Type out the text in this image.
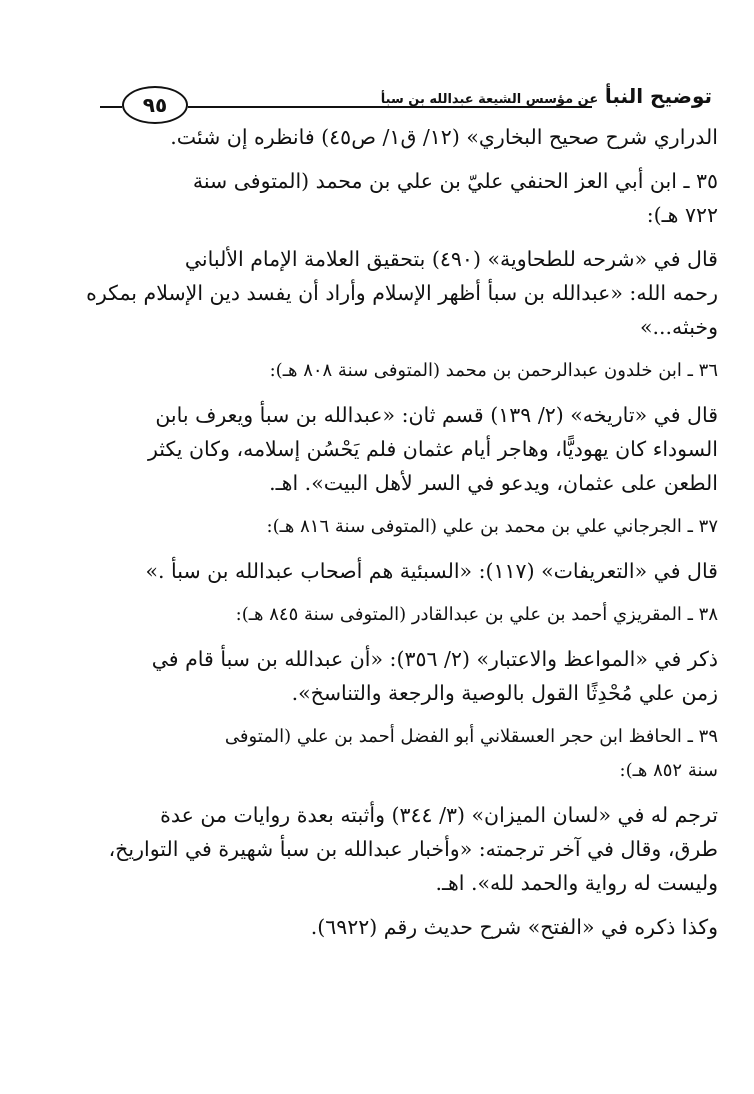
توضيح النبأ عن مؤسس الشيعة عبدالله بن سبأ
٩٥
الدراري شرح صحيح البخاري» (١٢/ ق١/ ص٤٥) فانظره إن شئت.
٣٥ ـ ابن أبي العز الحنفي عليّ بن علي بن محمد (المتوفى سنة
٧٢٢ هـ):
قال في «شرحه للطحاوية» (٤٩٠) بتحقيق العلامة الإمام الألباني
رحمه الله: «عبدالله بن سبأ أظهر الإسلام وأراد أن يفسد دين الإسلام بمكره
وخبثه...»
٣٦ ـ ابن خلدون عبدالرحمن بن محمد (المتوفى سنة ٨٠٨ هـ):
قال في «تاريخه» (٢/ ١٣٩) قسم ثان: «عبدالله بن سبأ ويعرف بابن
السوداء كان يهوديًّا، وهاجر أيام عثمان فلم يَحْسُن إسلامه، وكان يكثر
الطعن على عثمان، ويدعو في السر لأهل البيت». اهـ.
٣٧ ـ الجرجاني علي بن محمد بن علي (المتوفى سنة ٨١٦ هـ):
قال في «التعريفات» (١١٧): «السبئية هم أصحاب عبدالله بن سبأ .»
٣٨ ـ المقريزي أحمد بن علي بن عبدالقادر (المتوفى سنة ٨٤٥ هـ):
ذكر في «المواعظ والاعتبار» (٢/ ٣٥٦): «أن عبدالله بن سبأ قام في
زمن علي مُحْدِثًا القول بالوصية والرجعة والتناسخ».
٣٩ ـ الحافظ ابن حجر العسقلاني أبو الفضل أحمد بن علي (المتوفى
سنة ٨٥٢ هـ):
ترجم له في «لسان الميزان» (٣/ ٣٤٤) وأثبته بعدة روايات من عدة
طرق، وقال في آخر ترجمته: «وأخبار عبدالله بن سبأ شهيرة في التواريخ،
وليست له رواية والحمد لله». اهـ.
وكذا ذكره في «الفتح» شرح حديث رقم (٦٩٢٢).
